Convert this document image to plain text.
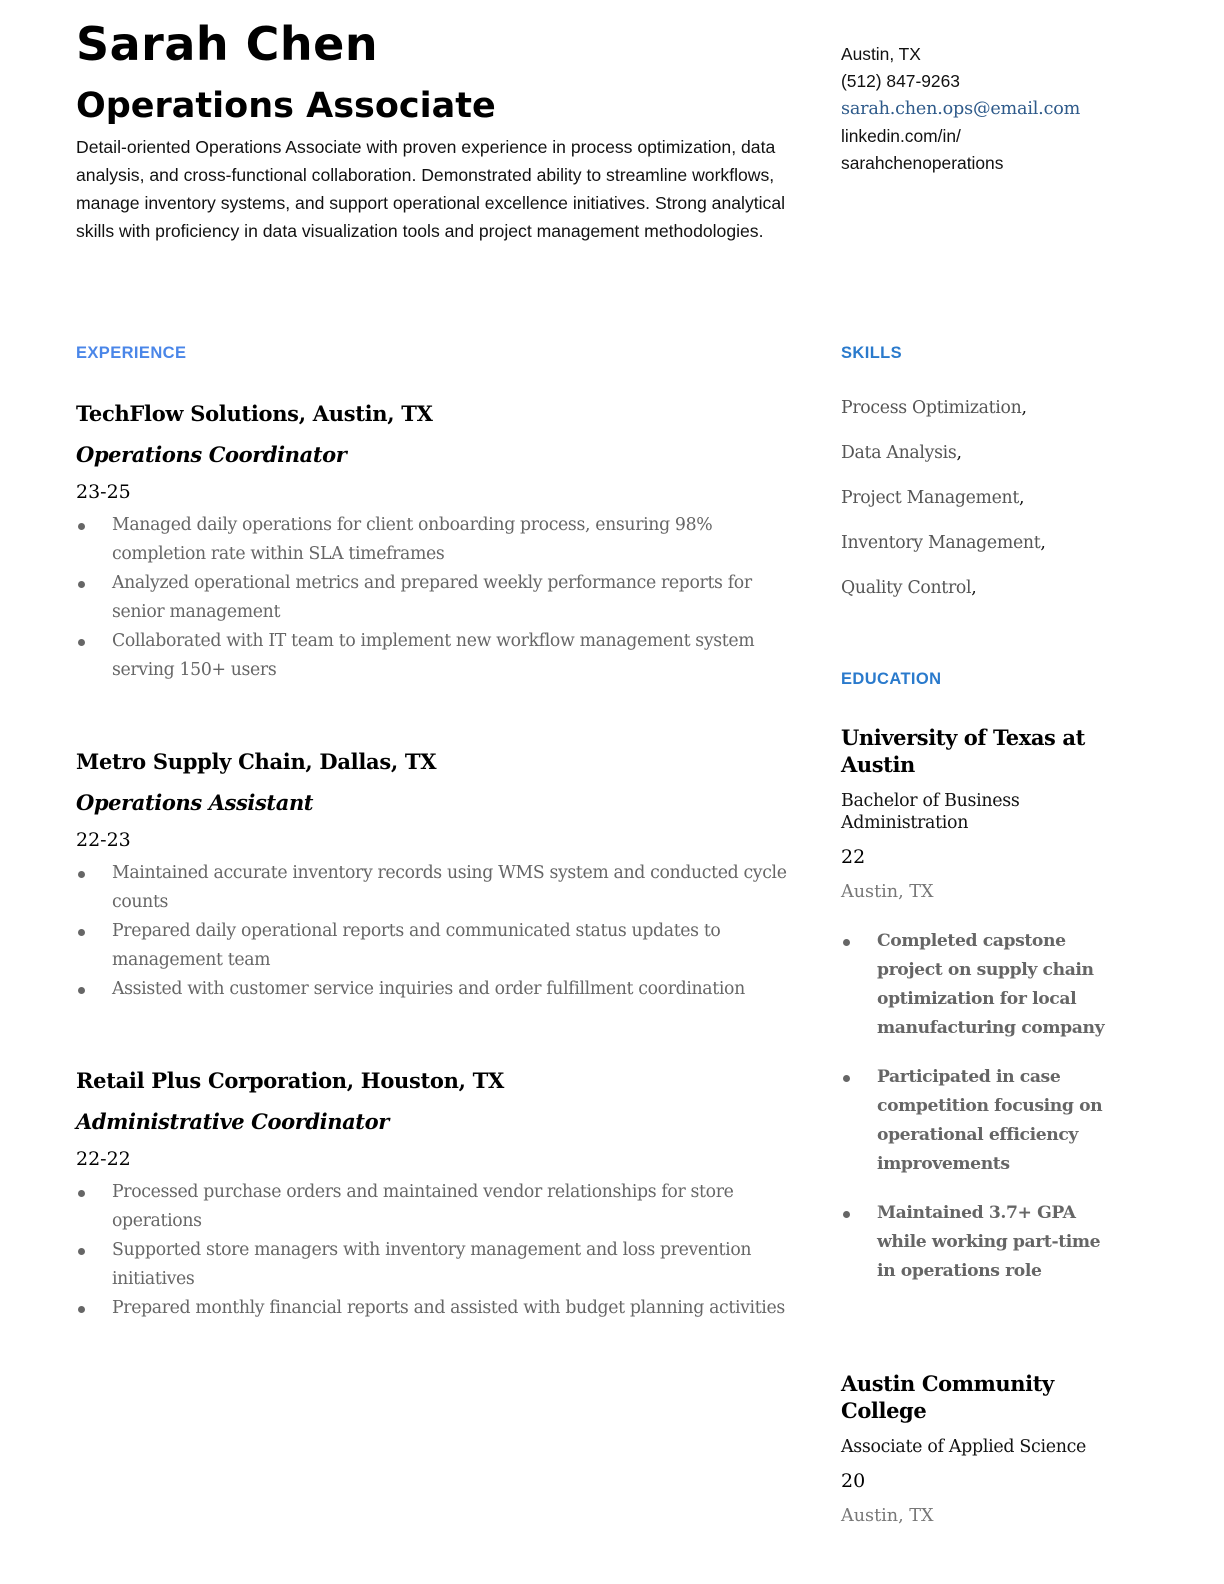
Sarah Chen
Operations Associate

Detail-oriented Operations Associate with proven experience in process optimization, data analysis, and cross-functional collaboration. Demonstrated ability to streamline workflows, manage inventory systems, and support operational excellence initiatives. Strong analytical skills with proficiency in data visualization tools and project management methodologies.

Austin, TX
(512) 847-9263
sarah.chen.ops@email.com
linkedin.com/in/
sarahchenoperations
EXPERIENCE
TechFlow Solutions, Austin, TX
Operations Coordinator
23-25
Managed daily operations for client onboarding process, ensuring 98% completion rate within SLA timeframes
Analyzed operational metrics and prepared weekly performance reports for senior management
Collaborated with IT team to implement new workflow management system serving 150+ users
Metro Supply Chain, Dallas, TX
Operations Assistant
22-23
Maintained accurate inventory records using WMS system and conducted cycle counts
Prepared daily operational reports and communicated status updates to management team
Assisted with customer service inquiries and order fulfillment coordination
Retail Plus Corporation, Houston, TX
Administrative Coordinator
22-22
Processed purchase orders and maintained vendor relationships for store operations
Supported store managers with inventory management and loss prevention initiatives
Prepared monthly financial reports and assisted with budget planning activities
SKILLS
Process Optimization,
Data Analysis,
Project Management,
Inventory Management,
Quality Control,
EDUCATION
University of Texas at Austin
Bachelor of Business Administration
22
Austin, TX
Completed capstone project on supply chain optimization for local manufacturing company
Participated in case competition focusing on operational efficiency improvements
Maintained 3.7+ GPA while working part-time in operations role
Austin Community College
Associate of Applied Science
20
Austin, TX
